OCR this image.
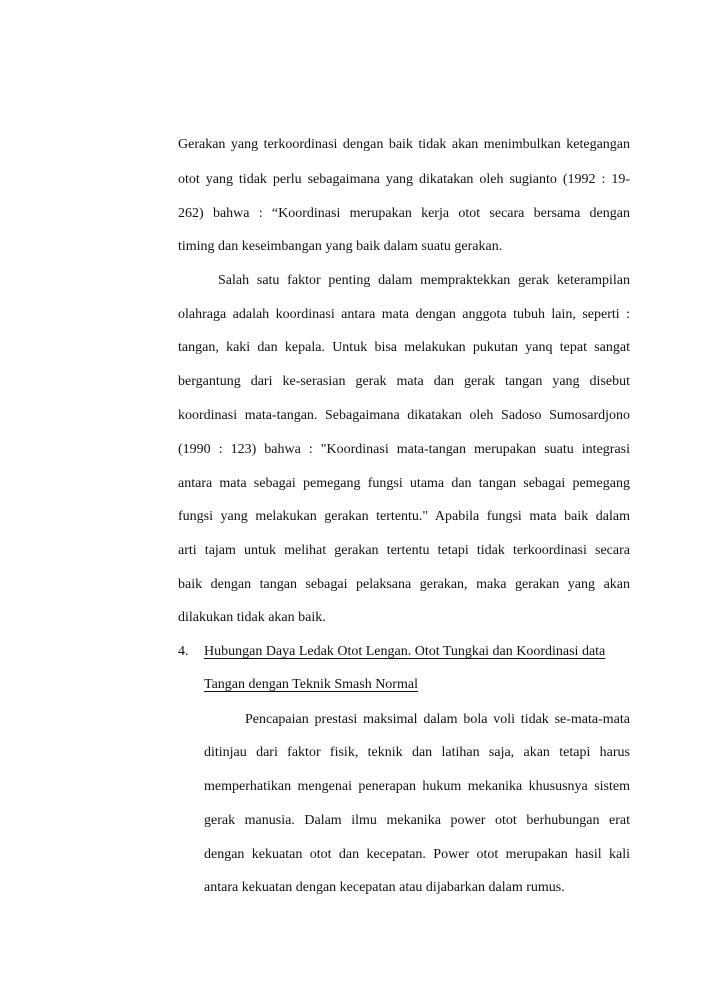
Gerakan yang terkoordinasi dengan baik tidak akan menimbulkan ketegangan
otot yang tidak perlu sebagaimana yang dikatakan oleh sugianto (1992 : 19-
262) bahwa : “Koordinasi merupakan kerja otot secara bersama dengan
timing dan keseimbangan yang baik dalam suatu gerakan.
Salah satu faktor penting dalam mempraktekkan gerak keterampilan
olahraga adalah koordinasi antara mata dengan anggota tubuh lain, seperti :
tangan, kaki dan kepala. Untuk bisa melakukan pukutan yanq tepat sangat
bergantung dari ke-serasian gerak mata dan gerak tangan yang disebut
koordinasi mata-tangan. Sebagaimana dikatakan oleh Sadoso Sumosardjono
(1990 : 123) bahwa : "Koordinasi mata-tangan merupakan suatu integrasi
antara mata sebagai pemegang fungsi utama dan tangan sebagai pemegang
fungsi yang melakukan gerakan tertentu." Apabila fungsi mata baik dalam
arti tajam untuk melihat gerakan tertentu tetapi tidak terkoordinasi secara
baik dengan tangan sebagai pelaksana gerakan, maka gerakan yang akan
dilakukan tidak akan baik.
4. Hubungan Daya Ledak Otot Lengan. Otot Tungkai dan Koordinasi data
Tangan dengan Teknik Smash Normal
Pencapaian prestasi maksimal dalam bola voli tidak se-mata-mata
ditinjau dari faktor fisik, teknik dan latihan saja, akan tetapi harus
memperhatikan mengenai penerapan hukum mekanika khususnya sistem
gerak manusia. Dalam ilmu mekanika power otot berhubungan erat
dengan kekuatan otot dan kecepatan. Power otot merupakan hasil kali
antara kekuatan dengan kecepatan atau dijabarkan dalam rumus.
